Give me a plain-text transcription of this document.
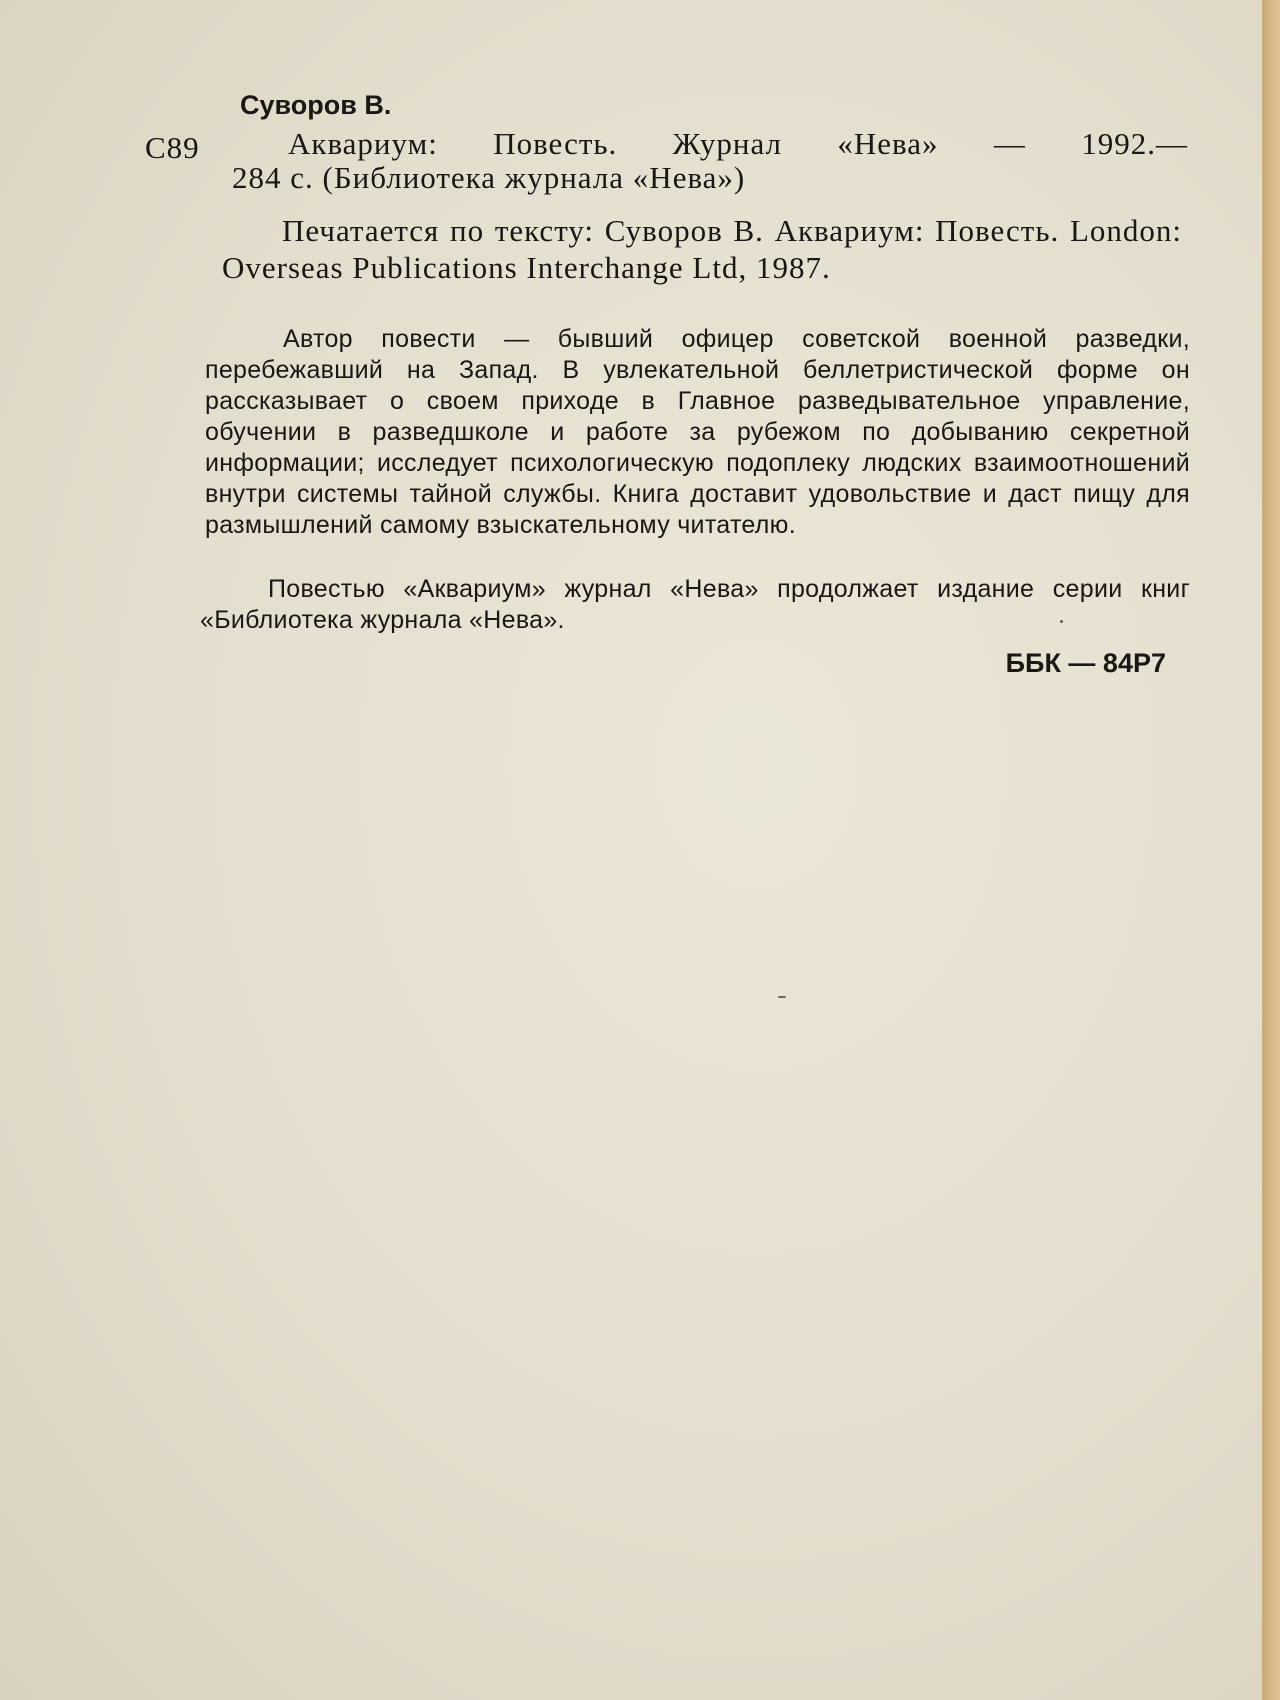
Суворов В.

С89	Аквариум: Повесть. Журнал «Нева» — 1992.—

284 с. (Библиотека журнала «Нева»)

Печатается по тексту: Суворов В. Аквариум: Повесть. London: Overseas Publications Interchange Ltd, 1987.

Автор повести — бывший офицер советской военной разведки, перебежавший на Запад. В увлекательной беллетристической форме он рассказывает о своем приходе в Главное разведывательное управление, обучении в разведшколе и работе за рубежом по добыванию секретной информации; исследует психологическую подоплеку людских взаимоотношений внутри системы тайной службы. Книга доставит удовольствие и даст пищу для размышлений самому взыскательному читателю.

Повестью «Аквариум» журнал «Нева» продолжает издание серии книг «Библиотека журнала «Нева».

ББК — 84Р7
